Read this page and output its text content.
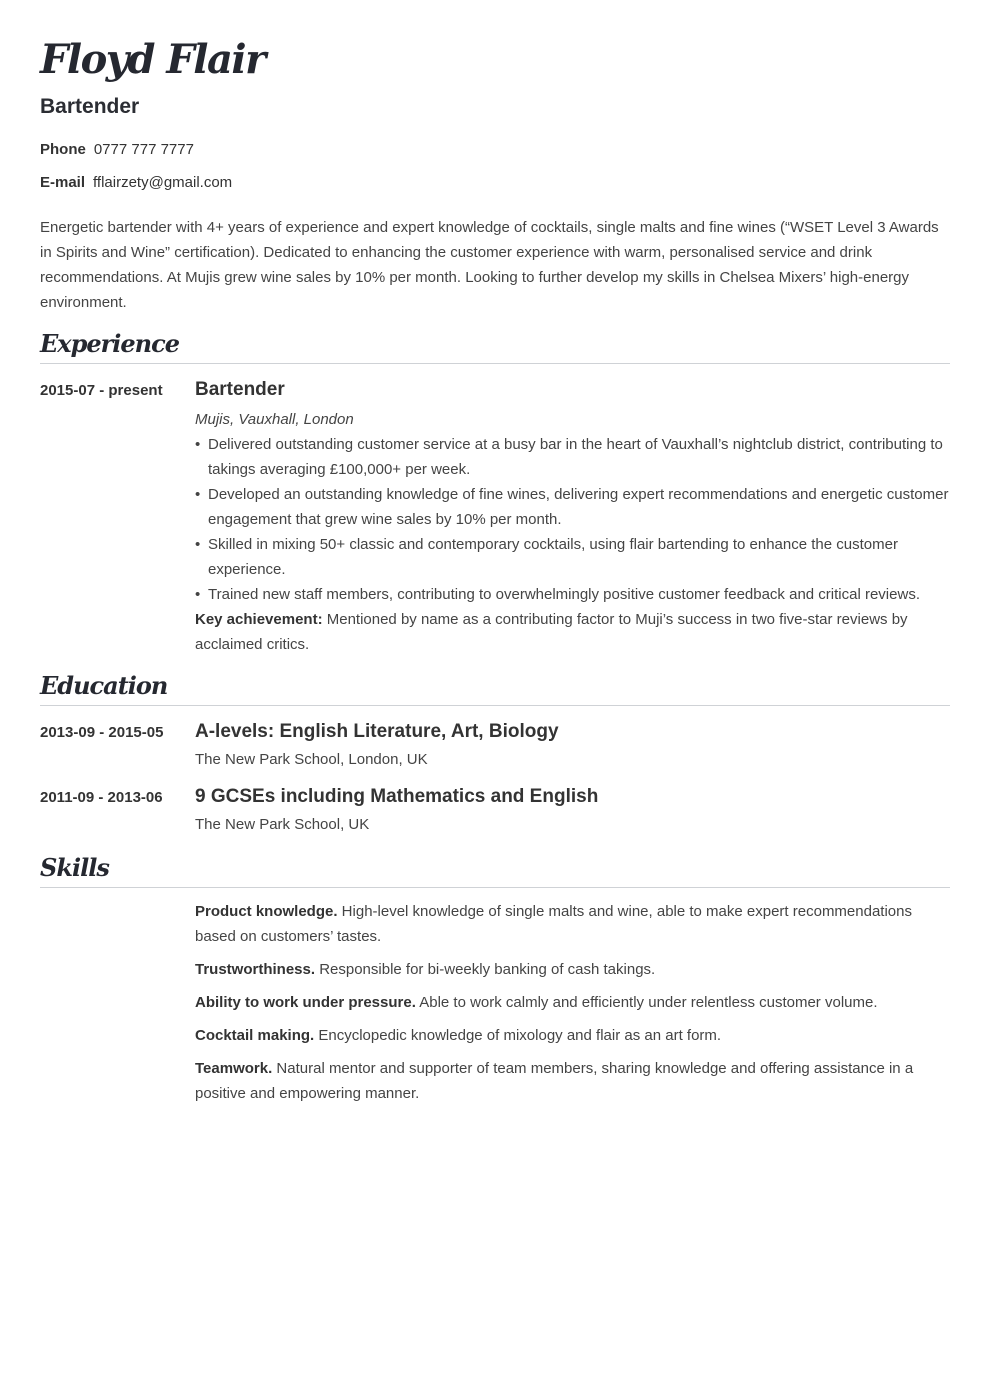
Floyd Flair
Bartender
Phone 0777 777 7777
E-mail fflairzety@gmail.com
Energetic bartender with 4+ years of experience and expert knowledge of cocktails, single malts and fine wines (“WSET Level 3 Awards in Spirits and Wine” certification). Dedicated to enhancing the customer experience with warm, personalised service and drink recommendations. At Mujis grew wine sales by 10% per month. Looking to further develop my skills in Chelsea Mixers’ high-energy environment.
Experience
2015-07 - present Bartender
Mujis, Vauxhall, London
• Delivered outstanding customer service at a busy bar in the heart of Vauxhall’s nightclub district, contributing to takings averaging £100,000+ per week.
• Developed an outstanding knowledge of fine wines, delivering expert recommendations and energetic customer engagement that grew wine sales by 10% per month.
• Skilled in mixing 50+ classic and contemporary cocktails, using flair bartending to enhance the customer experience.
• Trained new staff members, contributing to overwhelmingly positive customer feedback and critical reviews.
Key achievement: Mentioned by name as a contributing factor to Muji’s success in two five-star reviews by acclaimed critics.
Education
2013-09 - 2015-05 A-levels: English Literature, Art, Biology
The New Park School, London, UK
2011-09 - 2013-06 9 GCSEs including Mathematics and English
The New Park School, UK
Skills
Product knowledge. High-level knowledge of single malts and wine, able to make expert recommendations based on customers’ tastes.
Trustworthiness. Responsible for bi-weekly banking of cash takings.
Ability to work under pressure. Able to work calmly and efficiently under relentless customer volume.
Cocktail making. Encyclopedic knowledge of mixology and flair as an art form.
Teamwork. Natural mentor and supporter of team members, sharing knowledge and offering assistance in a positive and empowering manner.
